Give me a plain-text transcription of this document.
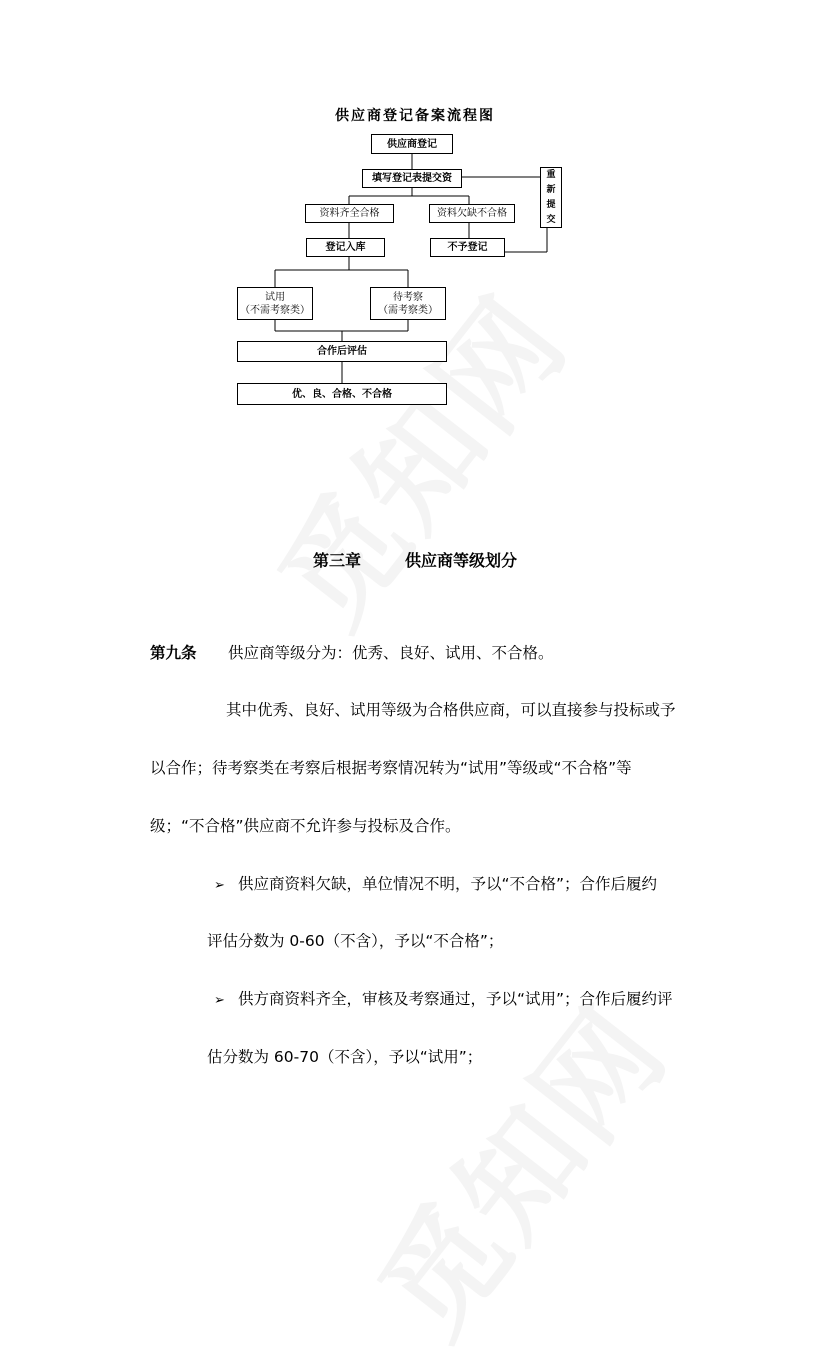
供应商登记备案流程图
供应商登记
填写登记表提交资	重
新
提
交
资料齐全合格	资料欠缺不合格
登记入库	不予登记
试用
（不需考察类）
待考察
（需考察类）
合作后评估
优、良、合格、不合格
第三章	供应商等级划分
第九条 供应商等级分为：优秀、良好、试用、不合格。
其中优秀、良好、试用等级为合格供应商，可以直接参与投标或予
以合作；待考察类在考察后根据考察情况转为“试用”等级或“不合格”等
级；“不合格”供应商不允许参与投标及合作。
➢ 供应商资料欠缺，单位情况不明，予以“不合格”；合作后履约
评估分数为 0-60（不含），予以“不合格”；
➢ 供方商资料齐全，审核及考察通过，予以“试用”；合作后履约评
估分数为 60-70（不含），予以“试用”；
